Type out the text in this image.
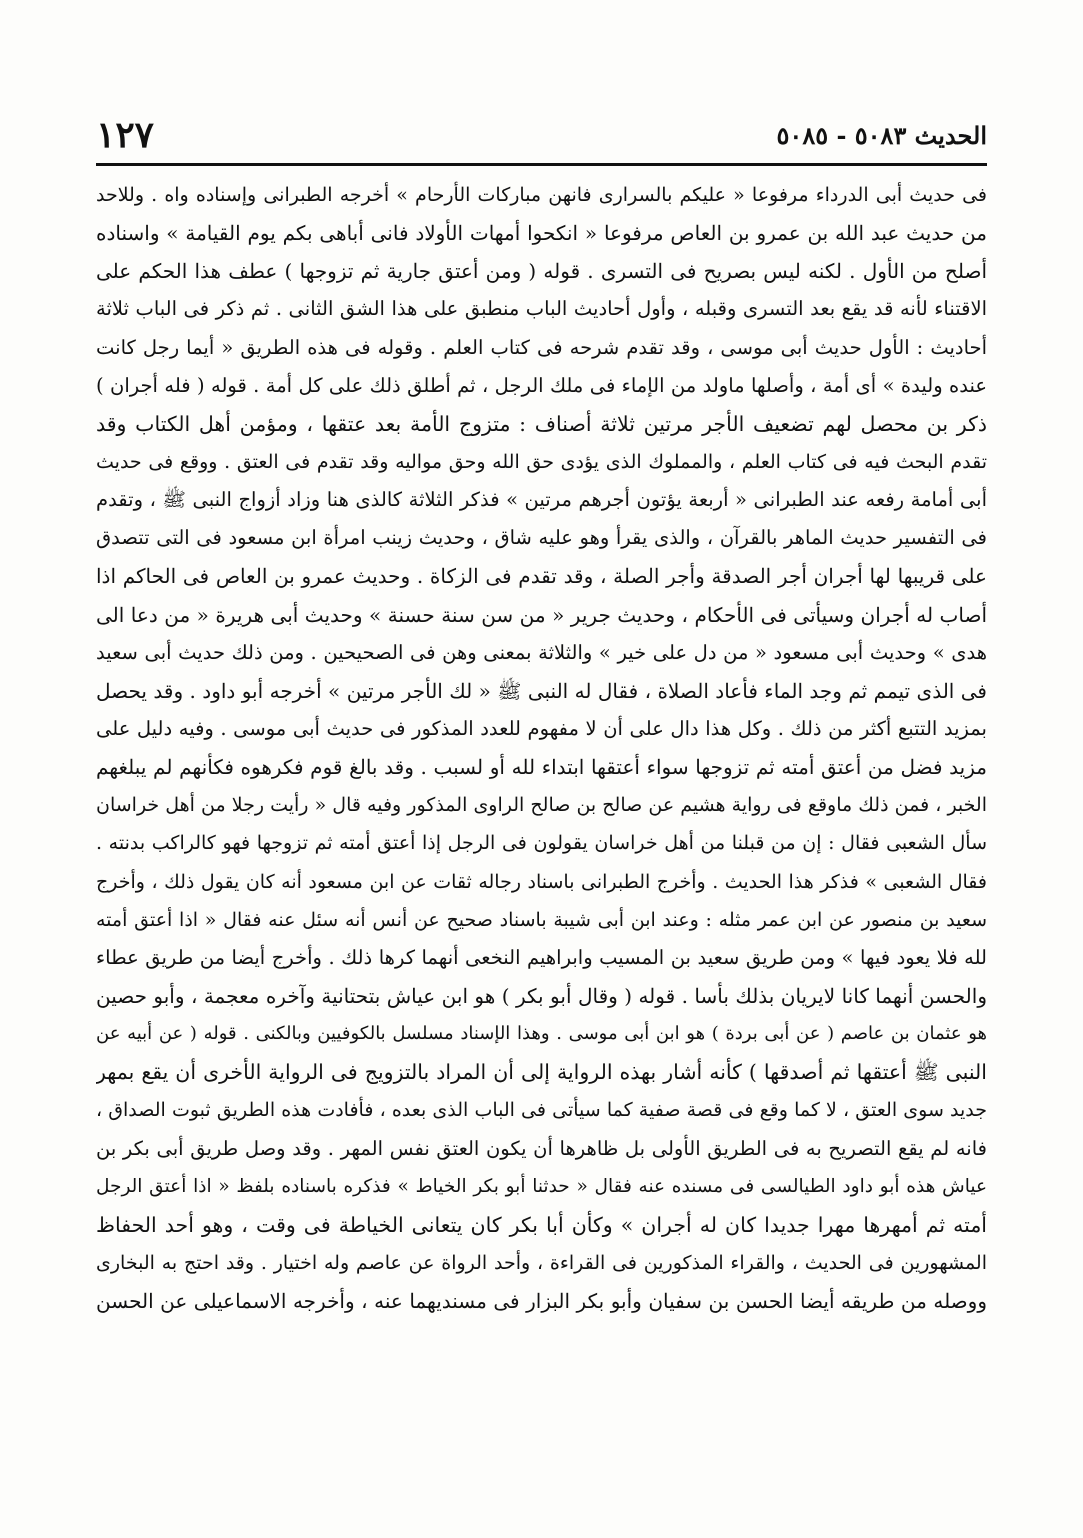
١٢٧	الحديث ٥٠٨٣ - ٥٠٨٥
فى حديث أبى الدرداء مرفوعا « عليكم بالسرارى فانهن مباركات الأرحام » أخرجه الطبرانى وإسناده واه . وللاحد
من حديث عبد الله بن عمرو بن العاص مرفوعا « انكحوا أمهات الأولاد فانى أباهى بكم يوم القيامة » واسناده
أصلح من الأول . لكنه ليس بصريح فى التسرى . قوله ( ومن أعتق جارية ثم تزوجها ) عطف هذا الحكم على
الاقتناء لأنه قد يقع بعد التسرى وقبله ، وأول أحاديث الباب منطبق على هذا الشق الثانى . ثم ذكر فى الباب ثلاثة
أحاديث : الأول حديث أبى موسى ، وقد تقدم شرحه فى كتاب العلم . وقوله فى هذه الطريق « أيما رجل كانت
عنده وليدة » أى أمة ، وأصلها ماولد من الإماء فى ملك الرجل ، ثم أطلق ذلك على كل أمة . قوله ( فله أجران )
ذكر بن محصل لهم تضعيف الأجر مرتين ثلاثة أصناف : متزوج الأمة بعد عتقها ، ومؤمن أهل الكتاب وقد
تقدم البحث فيه فى كتاب العلم ، والمملوك الذى يؤدى حق الله وحق مواليه وقد تقدم فى العتق . ووقع فى حديث
أبى أمامة رفعه عند الطبرانى « أربعة يؤتون أجرهم مرتين » فذكر الثلاثة كالذى هنا وزاد أزواج النبى ﷺ ، وتقدم
فى التفسير حديث الماهر بالقرآن ، والذى يقرأ وهو عليه شاق ، وحديث زينب امرأة ابن مسعود فى التى تتصدق
على قريبها لها أجران أجر الصدقة وأجر الصلة ، وقد تقدم فى الزكاة . وحديث عمرو بن العاص فى الحاكم اذا
أصاب له أجران وسيأتى فى الأحكام ، وحديث جرير « من سن سنة حسنة » وحديث أبى هريرة « من دعا الى
هدى » وحديث أبى مسعود « من دل على خير » والثلاثة بمعنى وهن فى الصحيحين . ومن ذلك حديث أبى سعيد
فى الذى تيمم ثم وجد الماء فأعاد الصلاة ، فقال له النبى ﷺ « لك الأجر مرتين » أخرجه أبو داود . وقد يحصل
بمزيد التتبع أكثر من ذلك . وكل هذا دال على أن لا مفهوم للعدد المذكور فى حديث أبى موسى . وفيه دليل على
مزيد فضل من أعتق أمته ثم تزوجها سواء أعتقها ابتداء لله أو لسبب . وقد بالغ قوم فكرهوه فكأنهم لم يبلغهم
الخبر ، فمن ذلك ماوقع فى رواية هشيم عن صالح بن صالح الراوى المذكور وفيه قال « رأيت رجلا من أهل خراسان
سأل الشعبى فقال : إن من قبلنا من أهل خراسان يقولون فى الرجل إذا أعتق أمته ثم تزوجها فهو كالراكب بدنته .
فقال الشعبى » فذكر هذا الحديث . وأخرج الطبرانى باسناد رجاله ثقات عن ابن مسعود أنه كان يقول ذلك ، وأخرج
سعيد بن منصور عن ابن عمر مثله : وعند ابن أبى شيبة باسناد صحيح عن أنس أنه سئل عنه فقال « اذا أعتق أمته
لله فلا يعود فيها » ومن طريق سعيد بن المسيب وابراهيم النخعى أنهما كرها ذلك . وأخرج أيضا من طريق عطاء
والحسن أنهما كانا لايريان بذلك بأسا . قوله ( وقال أبو بكر ) هو ابن عياش بتحتانية وآخره معجمة ، وأبو حصين
هو عثمان بن عاصم ( عن أبى بردة ) هو ابن أبى موسى . وهذا الإسناد مسلسل بالكوفيين وبالكنى . قوله ( عن أبيه عن
النبى ﷺ أعتقها ثم أصدقها ) كأنه أشار بهذه الرواية إلى أن المراد بالتزويج فى الرواية الأخرى أن يقع بمهر
جديد سوى العتق ، لا كما وقع فى قصة صفية كما سيأتى فى الباب الذى بعده ، فأفادت هذه الطريق ثبوت الصداق ،
فانه لم يقع التصريح به فى الطريق الأولى بل ظاهرها أن يكون العتق نفس المهر . وقد وصل طريق أبى بكر بن
عياش هذه أبو داود الطيالسى فى مسنده عنه فقال « حدثنا أبو بكر الخياط » فذكره باسناده بلفظ « اذا أعتق الرجل
أمته ثم أمهرها مهرا جديدا كان له أجران » وكأن أبا بكر كان يتعانى الخياطة فى وقت ، وهو أحد الحفاظ
المشهورين فى الحديث ، والقراء المذكورين فى القراءة ، وأحد الرواة عن عاصم وله اختيار . وقد احتج به البخارى
ووصله من طريقه أيضا الحسن بن سفيان وأبو بكر البزار فى مسنديهما عنه ، وأخرجه الاسماعيلى عن الحسن
